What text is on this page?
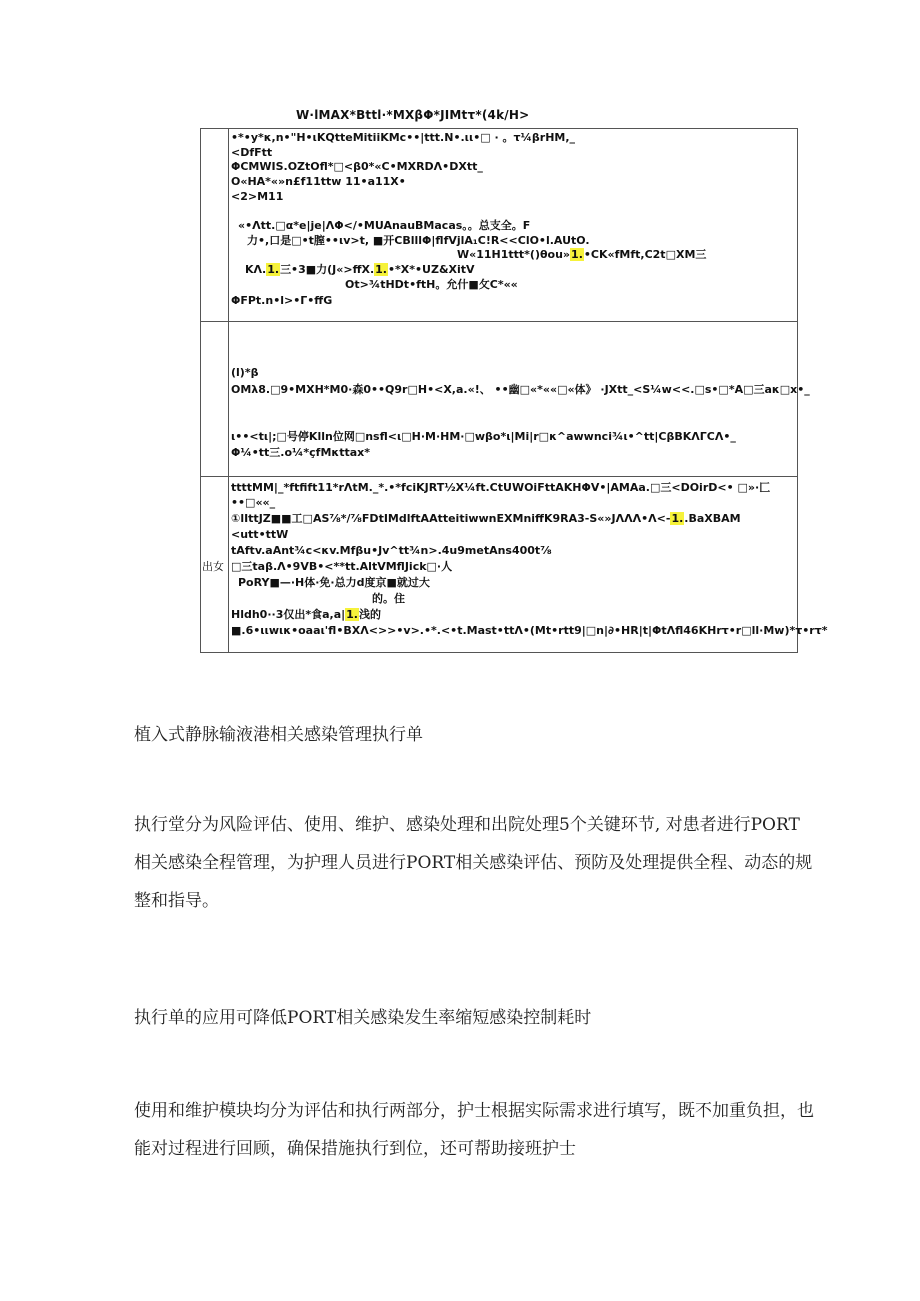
W·lMAX*Bttl·*MXβΦ*JIMtτ*(4k/H>
出女
•*•y*κ,n•"H•ιKQtteMitiiKMc••|ttt.N•.ιι•□ · 。τ¼βrHM,_
<DfFtt
ΦCMWIS.OZtOfl*□<β0*«C•MXRDΛ•DXtt_
O«HA*«»n£f11ttw 11•a11X•
<2>M11
«•Λtt.□α*e|je|ΛΦ</•MUAnauBMacas。。总支全。F
力•,口是□•t膣••ιv>t, ■开CBlllΦ|flfVjlA₁C!R<<ClO•l.AUtO.
W«11H1ttt*()θou»1.•CK«fMft,C2t□XM三
KΛ.1.三•3■力(J«>ffX.1.•*X*•UZ&XitV
Ot>¾tHDt•ftH。允什■攵C*««
ΦFPt.n•l>•Γ•ffG
(l)*β
OMλ8.□9•MXH*M0·森0••Q9r□H•<X,a.«!、 ••幽□«*««□«体》 ·JXtt_<S¼w<<.□s•□*A□三aκ□x•_
ι••<tι|;□号停Klln位网□nsfl<ι□H·M·HM·□wβo*ι|Mi|r□κ^awwnci¾ι•^tt|CβBKΛΓCΛ•_
Φ¼•tt三.o¼*çfMκttax*
ttttMM|_*ftfift11*rΛtM._*.•*fciKJRT½X¼ft.CtUWOiFttAKHΦV•|AMAa.□三<DOirD<• □»·匚
••□««_
①lIttJZ■■工□AS⅞*/⅞FDtIMdlftAAtteitiwwnEXMniffK9RA3-S«»JΛΛΛ•Λ<-1..BaXBAM
<utt•ttW
tAftv.aAnt¾c<κv.Mfβu•Jv^tt¾n>.4u9metAns400t⅞
□三taβ.Λ•9VB•<**tt.AltVMflJick□·人
PoRY■—·H体·免·总力d度京■就过大
的。住
Hldh0··3仅出*食a,a|1.浅的
■.6•ιιwικ•oaaι'fl•BXΛ<>>•v>.•*.<•t.Mast•ttΛ•(Mt•rtt9|□n|∂•HR|t|ΦtΛfl46KHrτ•r□ll·Mw)*τ•rτ*
植入式静脉输液港相关感染管理执行单
执行堂分为风险评估、使用、维护、感染处理和出院处理5个关键环节, 对患者进行PORT相关感染全程管理，为护理人员进行PORT相关感染评估、预防及处理提供全程、动态的规整和指导。
执行单的应用可降低PORT相关感染发生率缩短感染控制耗时
使用和维护模块均分为评估和执行两部分，护士根据实际需求进行填写，既不加重负担，也能对过程进行回顾，确保措施执行到位，还可帮助接班护士
